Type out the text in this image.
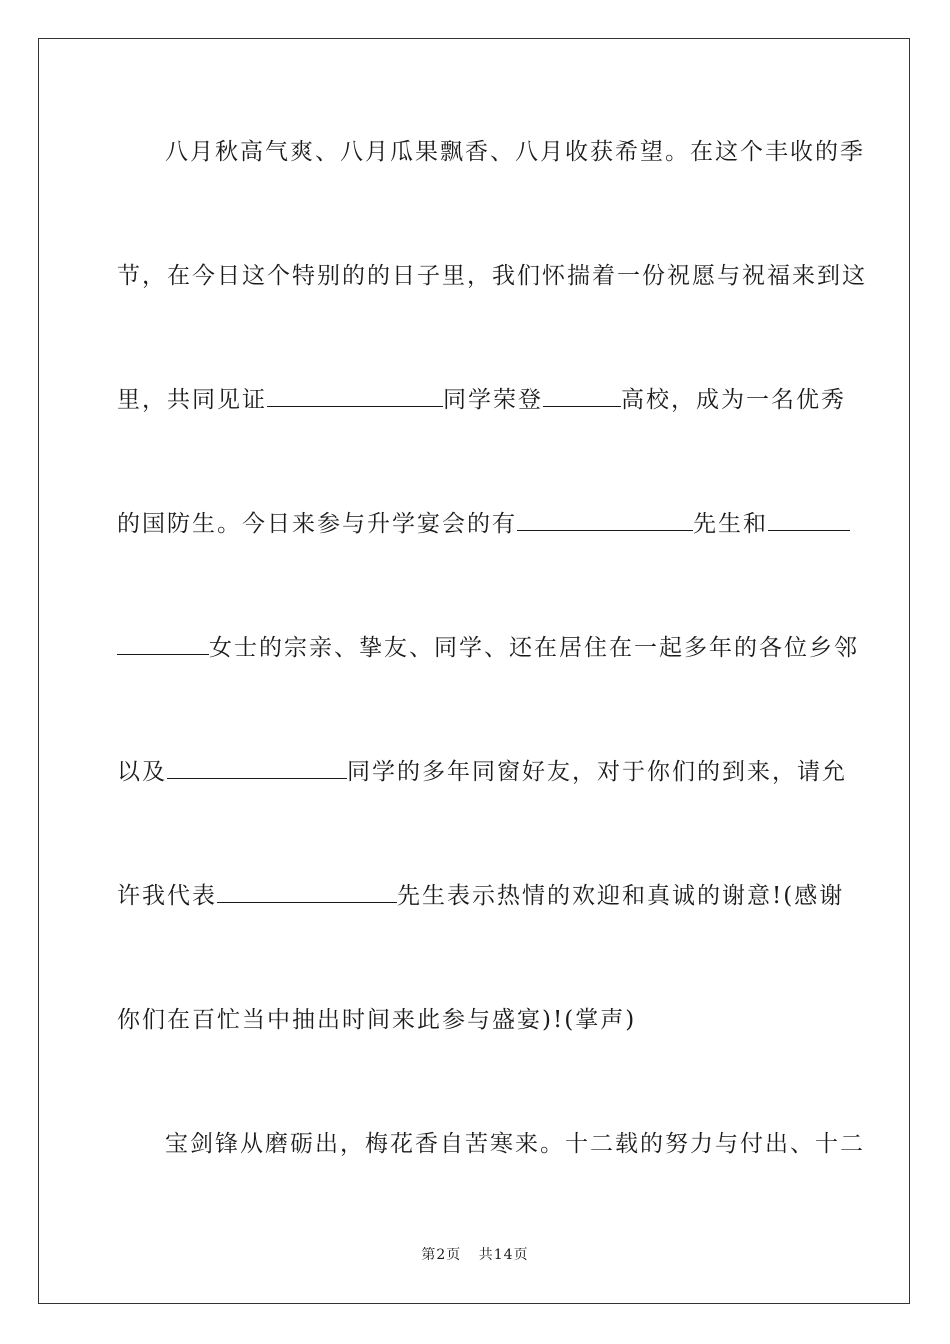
八月秋高气爽、八月瓜果飘香、八月收获希望。在这个丰收的季
节，在今日这个特别的的日子里，我们怀揣着一份祝愿与祝福来到这
里，共同见证	同学荣登	高校，成为一名优秀
的国防生。今日来参与升学宴会的有	先生和
女士的宗亲、挚友、同学、还在居住在一起多年的各位乡邻
以及	同学的多年同窗好友，对于你们的到来，请允
许我代表	先生表示热情的欢迎和真诚的谢意!(感谢
你们在百忙当中抽出时间来此参与盛宴)!(掌声)
宝剑锋从磨砺出，梅花香自苦寒来。十二载的努力与付出、十二
第2页 共14页
